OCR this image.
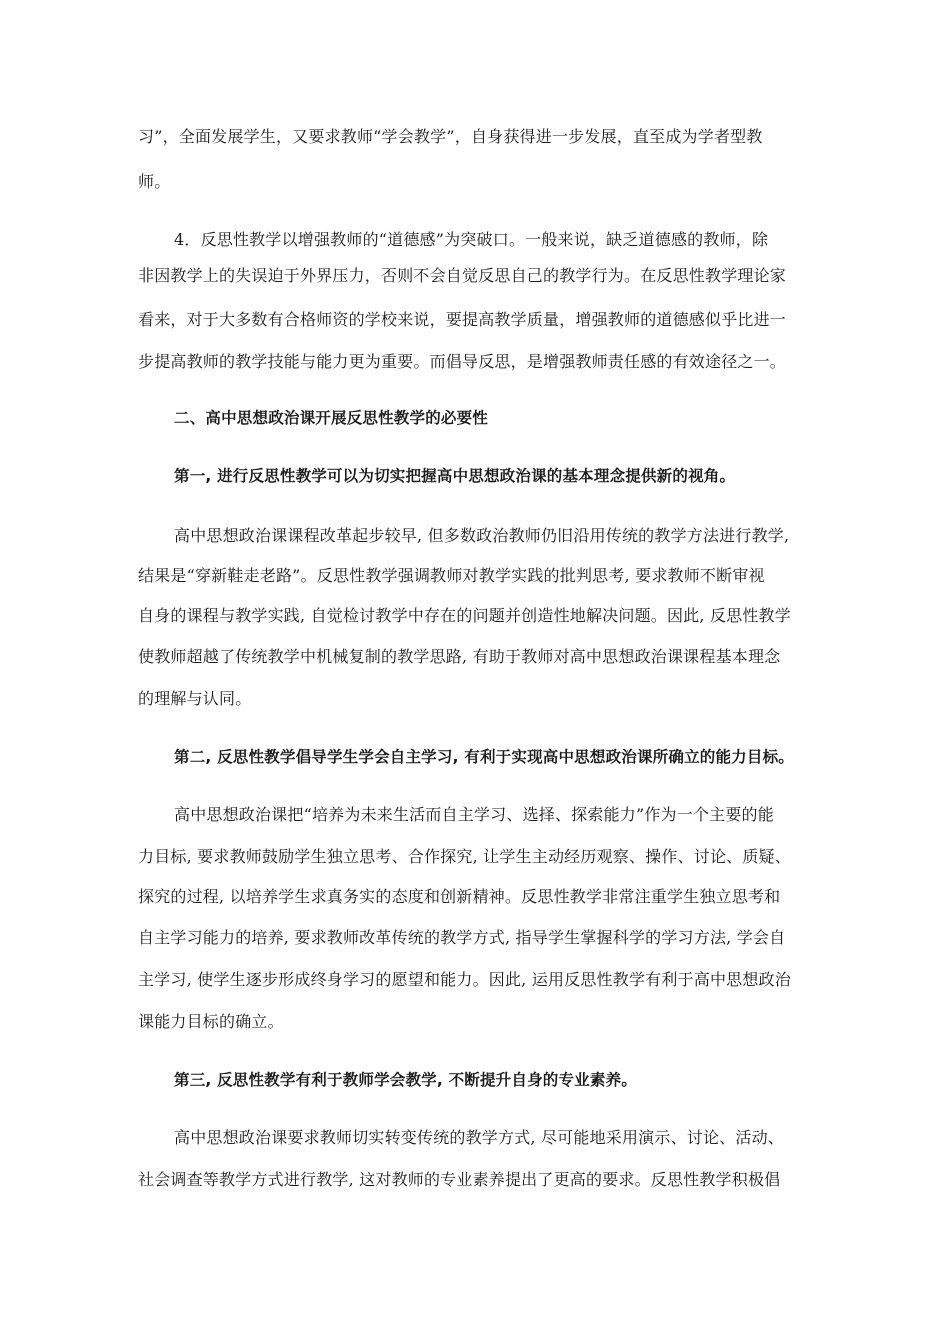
习”，全面发展学生，又要求教师“学会教学”，自身获得进一步发展，直至成为学者型教
师。
4．反思性教学以增强教师的“道德感”为突破口。一般来说，缺乏道德感的教师，除
非因教学上的失误迫于外界压力，否则不会自觉反思自己的教学行为。在反思性教学理论家
看来，对于大多数有合格师资的学校来说，要提高教学质量，增强教师的道德感似乎比进一
步提高教师的教学技能与能力更为重要。而倡导反思，是增强教师责任感的有效途径之一。
二、高中思想政治课开展反思性教学的必要性
第一, 进行反思性教学可以为切实把握高中思想政治课的基本理念提供新的视角。
高中思想政治课课程改革起步较早, 但多数政治教师仍旧沿用传统的教学方法进行教学,
结果是“穿新鞋走老路”。反思性教学强调教师对教学实践的批判思考, 要求教师不断审视
自身的课程与教学实践, 自觉检讨教学中存在的问题并创造性地解决问题。因此, 反思性教学
使教师超越了传统教学中机械复制的教学思路, 有助于教师对高中思想政治课课程基本理念
的理解与认同。
第二, 反思性教学倡导学生学会自主学习, 有利于实现高中思想政治课所确立的能力目标。
高中思想政治课把“培养为未来生活而自主学习、选择、探索能力”作为一个主要的能
力目标, 要求教师鼓励学生独立思考、合作探究, 让学生主动经历观察、操作、讨论、质疑、
探究的过程, 以培养学生求真务实的态度和创新精神。反思性教学非常注重学生独立思考和
自主学习能力的培养, 要求教师改革传统的教学方式, 指导学生掌握科学的学习方法, 学会自
主学习, 使学生逐步形成终身学习的愿望和能力。因此, 运用反思性教学有利于高中思想政治
课能力目标的确立。
第三, 反思性教学有利于教师学会教学, 不断提升自身的专业素养。
高中思想政治课要求教师切实转变传统的教学方式, 尽可能地采用演示、讨论、活动、
社会调查等教学方式进行教学, 这对教师的专业素养提出了更高的要求。反思性教学积极倡
